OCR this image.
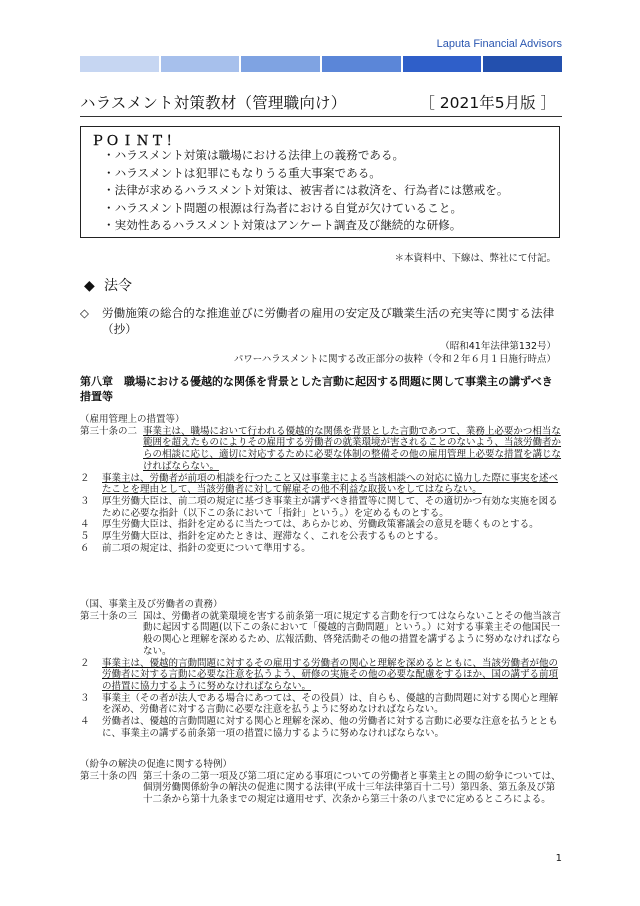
Laputa Financial Advisors
ハラスメント対策教材（管理職向け）	［ 2021年5月版 ］
ＰＯＩＮＴ！
・ハラスメント対策は職場における法律上の義務である。
・ハラスメントは犯罪にもなりうる重大事案である。
・法律が求めるハラスメント対策は、被害者には救済を、行為者には懲戒を。
・ハラスメント問題の根源は行為者における自覚が欠けていること。
・実効性あるハラスメント対策はアンケート調査及び継続的な研修。
＊本資料中、下線は、弊社にて付記。
◆ 法令
◇ 労働施策の総合的な推進並びに労働者の雇用の安定及び職業生活の充実等に関する法律（抄）
（昭和41年法律第132号）
パワーハラスメントに関する改正部分の抜粋（令和２年６月１日施行時点）
第八章　職場における優越的な関係を背景とした言動に起因する問題に関して事業主の講ずべき措置等
（雇用管理上の措置等）
第三十条の二 事業主は、職場において行われる優越的な関係を背景とした言動であつて、業務上必要かつ相当な範囲を超えたものによりその雇用する労働者の就業環境が害されることのないよう、当該労働者からの相談に応じ、適切に対応するために必要な体制の整備その他の雇用管理上必要な措置を講じなければならない。
２	事業主は、労働者が前項の相談を行つたこと又は事業主による当該相談への対応に協力した際に事実を述べたことを理由として、当該労働者に対して解雇その他不利益な取扱いをしてはならない。
３	厚生労働大臣は、前二項の規定に基づき事業主が講ずべき措置等に関して、その適切かつ有効な実施を図るために必要な指針（以下この条において「指針」という。）を定めるものとする。
４	厚生労働大臣は、指針を定めるに当たつては、あらかじめ、労働政策審議会の意見を聴くものとする。
５	厚生労働大臣は、指針を定めたときは、遅滞なく、これを公表するものとする。
６	前二項の規定は、指針の変更について準用する。
（国、事業主及び労働者の責務）
第三十条の三 国は、労働者の就業環境を害する前条第一項に規定する言動を行つてはならないことその他当該言動に起因する問題(以下この条において「優越的言動問題」という。）に対する事業主その他国民一般の関心と理解を深めるため、広報活動、啓発活動その他の措置を講ずるように努めなければならない。
２	事業主は、優越的言動問題に対するその雇用する労働者の関心と理解を深めるとともに、当該労働者が他の労働者に対する言動に必要な注意を払うよう、研修の実施その他の必要な配慮をするほか、国の講ずる前項の措置に協力するように努めなければならない。
３	事業主（その者が法人である場合にあつては、その役員）は、自らも、優越的言動問題に対する関心と理解を深め、労働者に対する言動に必要な注意を払うように努めなければならない。
４	労働者は、優越的言動問題に対する関心と理解を深め、他の労働者に対する言動に必要な注意を払うとともに、事業主の講ずる前条第一項の措置に協力するように努めなければならない。
（紛争の解決の促進に関する特例）
第三十条の四 第三十条の二第一項及び第二項に定める事項についての労働者と事業主との間の紛争については、個別労働関係紛争の解決の促進に関する法律(平成十三年法律第百十二号）第四条、第五条及び第十二条から第十九条までの規定は適用せず、次条から第三十条の八までに定めるところによる。
1
